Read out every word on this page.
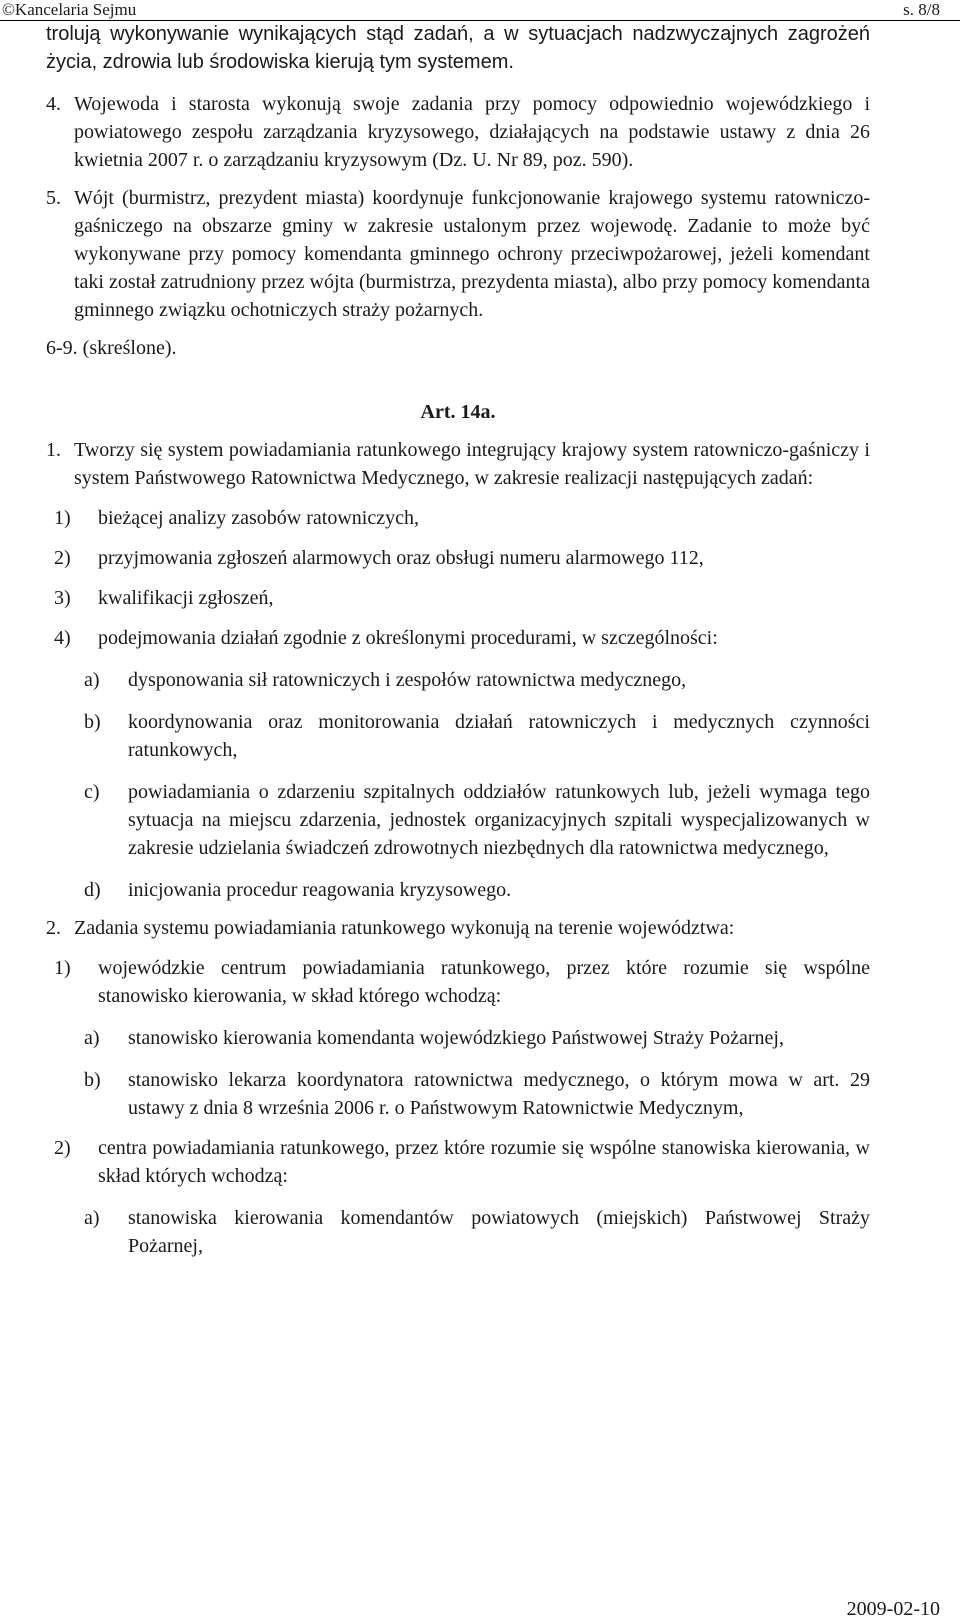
©Kancelaria Sejmu	s. 8/8

trolują wykonywanie wynikających stąd zadań, a w sytuacjach nadzwyczajnych zagrożeń życia, zdrowia lub środowiska kierują tym systemem.

4. Wojewoda i starosta wykonują swoje zadania przy pomocy odpowiednio wojewódzkiego i powiatowego zespołu zarządzania kryzysowego, działających na podstawie ustawy z dnia 26 kwietnia 2007 r. o zarządzaniu kryzysowym (Dz. U. Nr 89, poz. 590).

5. Wójt (burmistrz, prezydent miasta) koordynuje funkcjonowanie krajowego systemu ratowniczo-gaśniczego na obszarze gminy w zakresie ustalonym przez wojewodę. Zadanie to może być wykonywane przy pomocy komendanta gminnego ochrony przeciwpożarowej, jeżeli komendant taki został zatrudniony przez wójta (burmistrza, prezydenta miasta), albo przy pomocy komendanta gminnego związku ochotniczych straży pożarnych.

6-9. (skreślone).

Art. 14a.

1. Tworzy się system powiadamiania ratunkowego integrujący krajowy system ratowniczo-gaśniczy i system Państwowego Ratownictwa Medycznego, w zakresie realizacji następujących zadań:

1) bieżącej analizy zasobów ratowniczych,
2) przyjmowania zgłoszeń alarmowych oraz obsługi numeru alarmowego 112,
3) kwalifikacji zgłoszeń,
4) podejmowania działań zgodnie z określonymi procedurami, w szczególności:
a) dysponowania sił ratowniczych i zespołów ratownictwa medycznego,
b) koordynowania oraz monitorowania działań ratowniczych i medycznych czynności ratunkowych,
c) powiadamiania o zdarzeniu szpitalnych oddziałów ratunkowych lub, jeżeli wymaga tego sytuacja na miejscu zdarzenia, jednostek organizacyjnych szpitali wyspecjalizowanych w zakresie udzielania świadczeń zdrowotnych niezbędnych dla ratownictwa medycznego,
d) inicjowania procedur reagowania kryzysowego.

2. Zadania systemu powiadamiania ratunkowego wykonują na terenie województwa:

1) wojewódzkie centrum powiadamiania ratunkowego, przez które rozumie się wspólne stanowisko kierowania, w skład którego wchodzą:
a) stanowisko kierowania komendanta wojewódzkiego Państwowej Straży Pożarnej,
b) stanowisko lekarza koordynatora ratownictwa medycznego, o którym mowa w art. 29 ustawy z dnia 8 września 2006 r. o Państwowym Ratownictwie Medycznym,
2) centra powiadamiania ratunkowego, przez które rozumie się wspólne stanowiska kierowania, w skład których wchodzą:
a) stanowiska kierowania komendantów powiatowych (miejskich) Państwowej Straży Pożarnej,
2009-02-10
